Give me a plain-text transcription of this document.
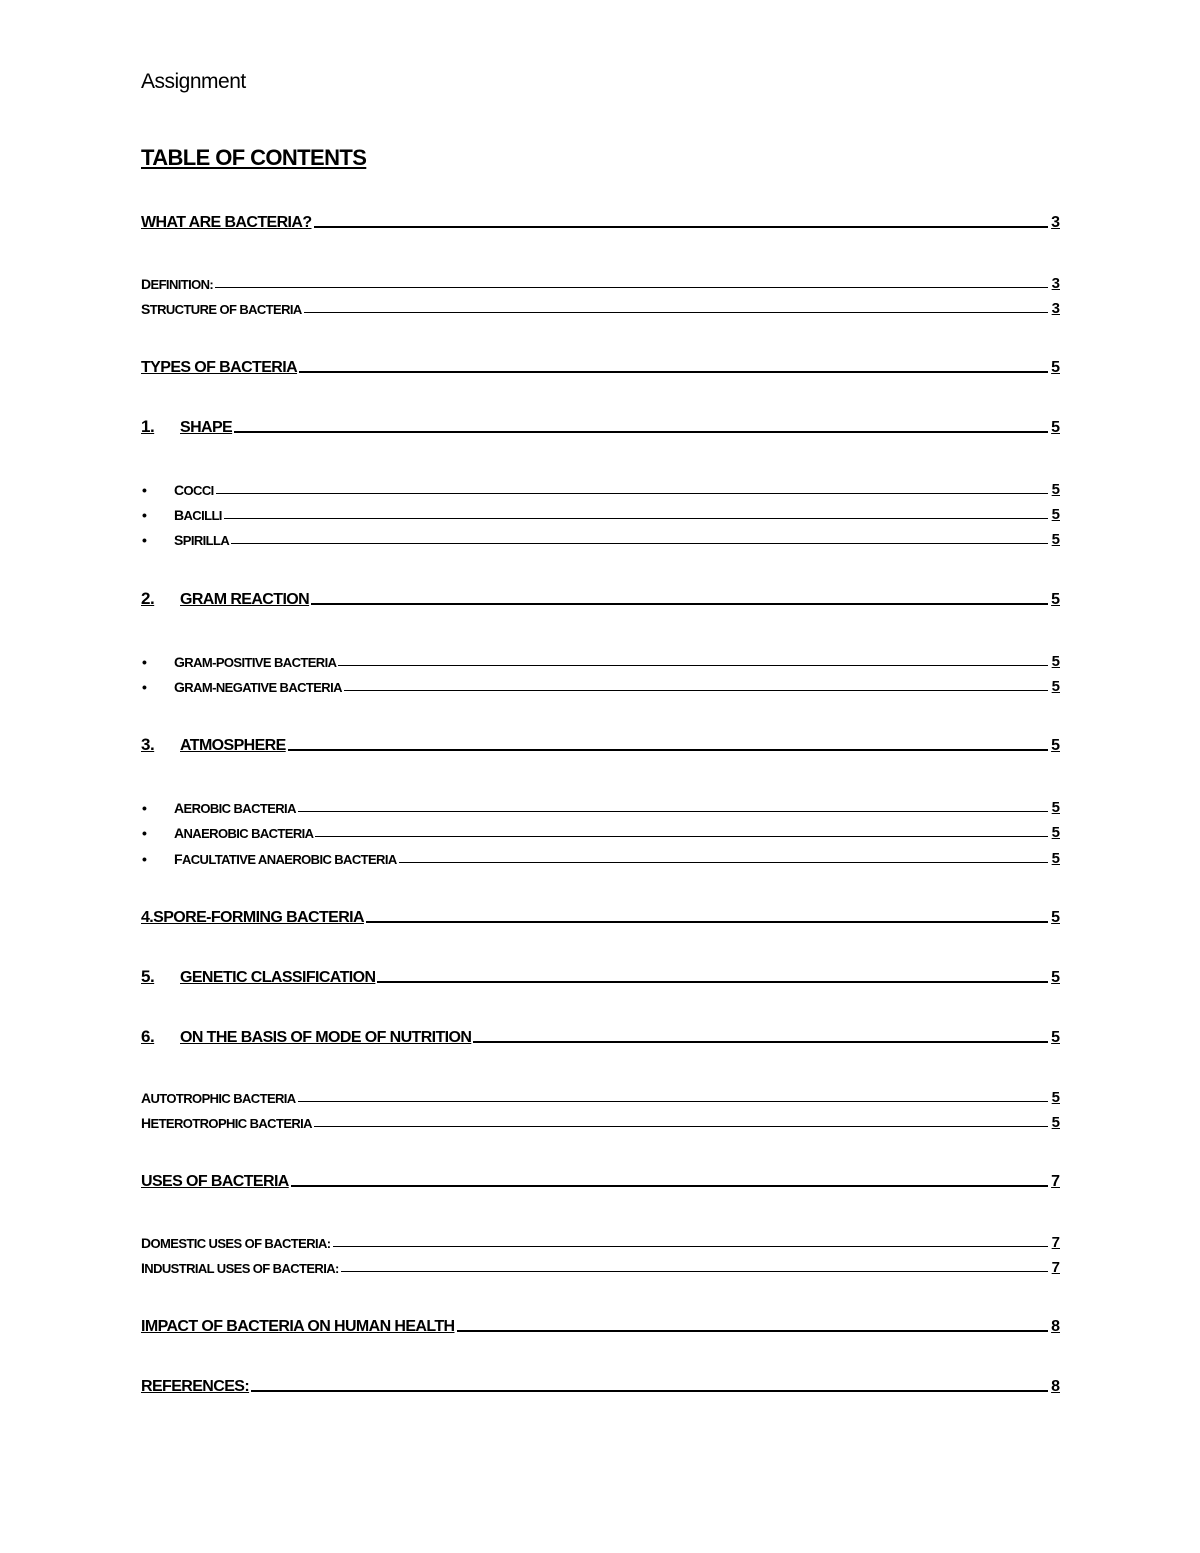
Assignment
TABLE OF CONTENTS
WHAT ARE BACTERIA?	3
DEFINITION:	3
STRUCTURE OF BACTERIA	3
TYPES OF BACTERIA	5
1.	SHAPE	5
•	COCCI	5
•	BACILLI	5
•	SPIRILLA	5
2.	GRAM REACTION	5
•	GRAM-POSITIVE BACTERIA	5
•	GRAM-NEGATIVE BACTERIA	5
3.	ATMOSPHERE	5
•	AEROBIC BACTERIA	5
•	ANAEROBIC BACTERIA	5
•	FACULTATIVE ANAEROBIC BACTERIA	5
4.SPORE-FORMING BACTERIA	5
5.	GENETIC CLASSIFICATION	5
6.	ON THE BASIS OF MODE OF NUTRITION	5
AUTOTROPHIC BACTERIA	5
HETEROTROPHIC BACTERIA	5
USES OF BACTERIA	7
DOMESTIC USES OF BACTERIA:	7
INDUSTRIAL USES OF BACTERIA:	7
IMPACT OF BACTERIA ON HUMAN HEALTH	8
REFERENCES:	8
